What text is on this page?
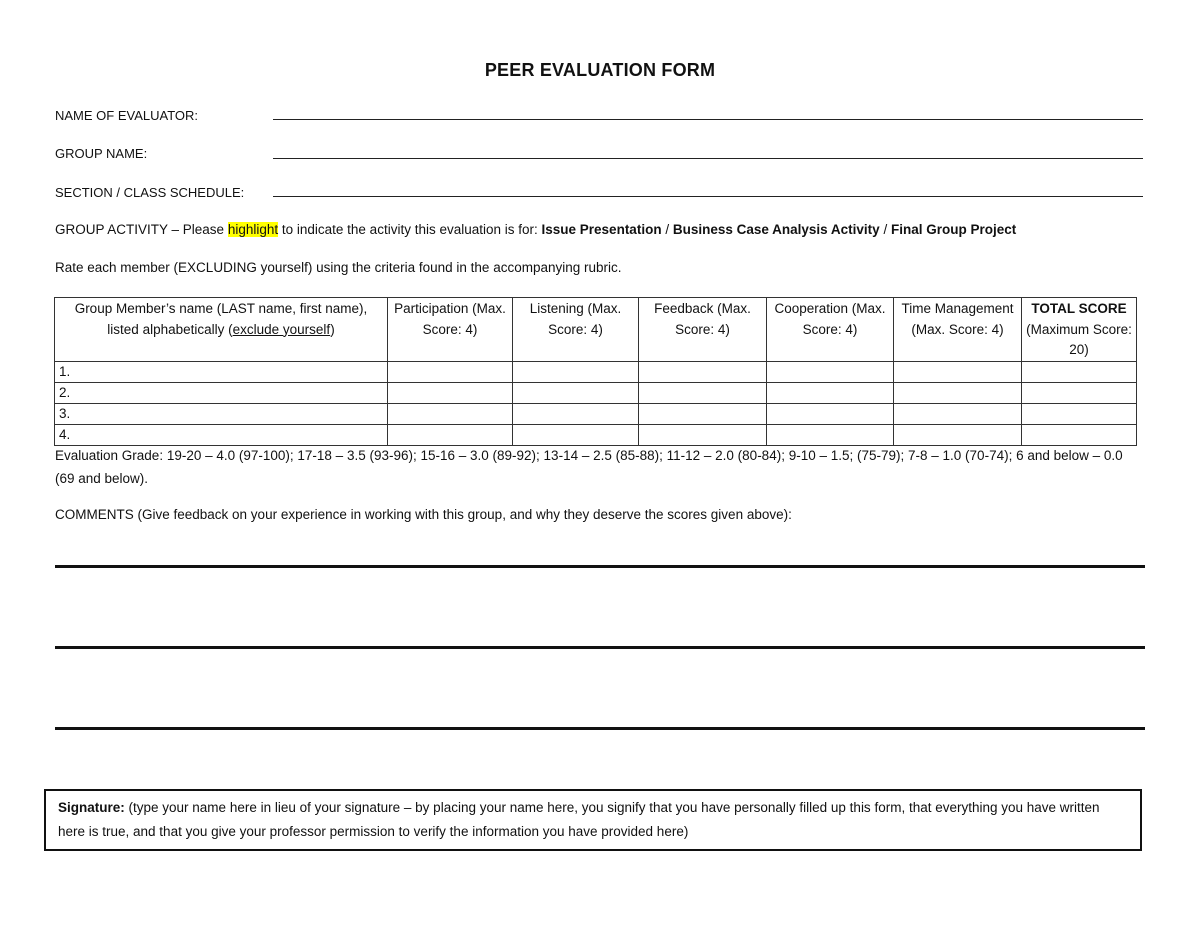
PEER EVALUATION FORM
NAME OF EVALUATOR:
GROUP NAME:
SECTION / CLASS SCHEDULE:
GROUP ACTIVITY – Please highlight to indicate the activity this evaluation is for: Issue Presentation / Business Case Analysis Activity / Final Group Project
Rate each member (EXCLUDING yourself) using the criteria found in the accompanying rubric.
Group Member’s name (LAST name, first name), listed alphabetically (exclude yourself)	Participation (Max. Score: 4)	Listening (Max. Score: 4)	Feedback (Max. Score: 4)	Cooperation (Max. Score: 4)	Time Management (Max. Score: 4)	TOTAL SCORE
(Maximum Score: 20)
1.						
2.						
3.						
4.						
Evaluation Grade: 19-20 – 4.0 (97-100); 17-18 – 3.5 (93-96); 15-16 – 3.0 (89-92); 13-14 – 2.5 (85-88); 11-12 – 2.0 (80-84); 9-10 – 1.5; (75-79); 7-8 – 1.0 (70-74); 6 and below – 0.0 (69 and below).
COMMENTS (Give feedback on your experience in working with this group, and why they deserve the scores given above):
Signature: (type your name here in lieu of your signature – by placing your name here, you signify that you have personally filled up this form, that everything you have written here is true, and that you give your professor permission to verify the information you have provided here)
